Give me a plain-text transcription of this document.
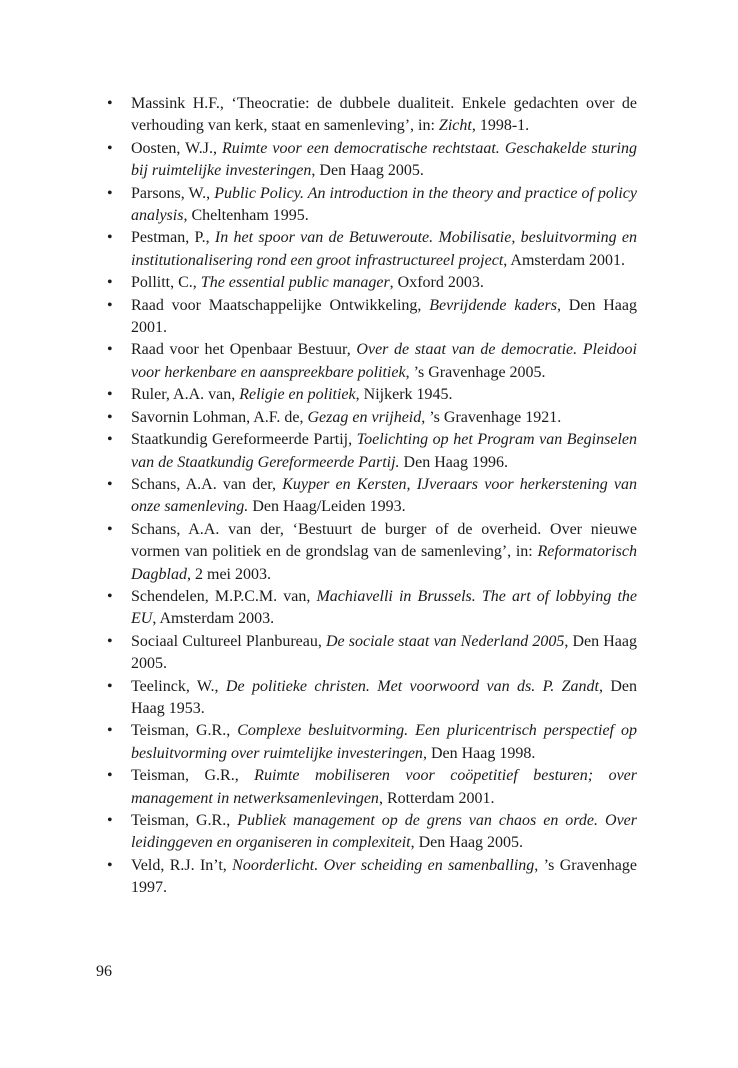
• Massink H.F., ‘Theocratie: de dubbele dualiteit. Enkele gedachten over de verhouding van kerk, staat en samenleving’, in: Zicht, 1998-1.
• Oosten, W.J., Ruimte voor een democratische rechtstaat. Geschakelde sturing bij ruimtelijke investeringen, Den Haag 2005.
• Parsons, W., Public Policy. An introduction in the theory and practice of policy analysis, Cheltenham 1995.
• Pestman, P., In het spoor van de Betuweroute. Mobilisatie, besluitvorming en institutionalisering rond een groot infrastructureel project, Amsterdam 2001.
• Pollitt, C., The essential public manager, Oxford 2003.
• Raad voor Maatschappelijke Ontwikkeling, Bevrijdende kaders, Den Haag 2001.
• Raad voor het Openbaar Bestuur, Over de staat van de democratie. Pleidooi voor herkenbare en aanspreekbare politiek, ’s Gravenhage 2005.
• Ruler, A.A. van, Religie en politiek, Nijkerk 1945.
• Savornin Lohman, A.F. de, Gezag en vrijheid, ’s Gravenhage 1921.
• Staatkundig Gereformeerde Partij, Toelichting op het Program van Beginselen van de Staatkundig Gereformeerde Partij. Den Haag 1996.
• Schans, A.A. van der, Kuyper en Kersten, IJveraars voor herkerstening van onze samenleving. Den Haag/Leiden 1993.
• Schans, A.A. van der, ‘Bestuurt de burger of de overheid. Over nieuwe vormen van politiek en de grondslag van de samenleving’, in: Reformatorisch Dagblad, 2 mei 2003.
• Schendelen, M.P.C.M. van, Machiavelli in Brussels. The art of lobbying the EU, Amsterdam 2003.
• Sociaal Cultureel Planbureau, De sociale staat van Nederland 2005, Den Haag 2005.
• Teelinck, W., De politieke christen. Met voorwoord van ds. P. Zandt, Den Haag 1953.
• Teisman, G.R., Complexe besluitvorming. Een pluricentrisch perspectief op besluitvorming over ruimtelijke investeringen, Den Haag 1998.
• Teisman, G.R., Ruimte mobiliseren voor coöpetitief besturen; over management in netwerksamenlevingen, Rotterdam 2001.
• Teisman, G.R., Publiek management op de grens van chaos en orde. Over leidinggeven en organiseren in complexiteit, Den Haag 2005.
• Veld, R.J. In’t, Noorderlicht. Over scheiding en samenballing, ’s Gravenhage 1997.
96
